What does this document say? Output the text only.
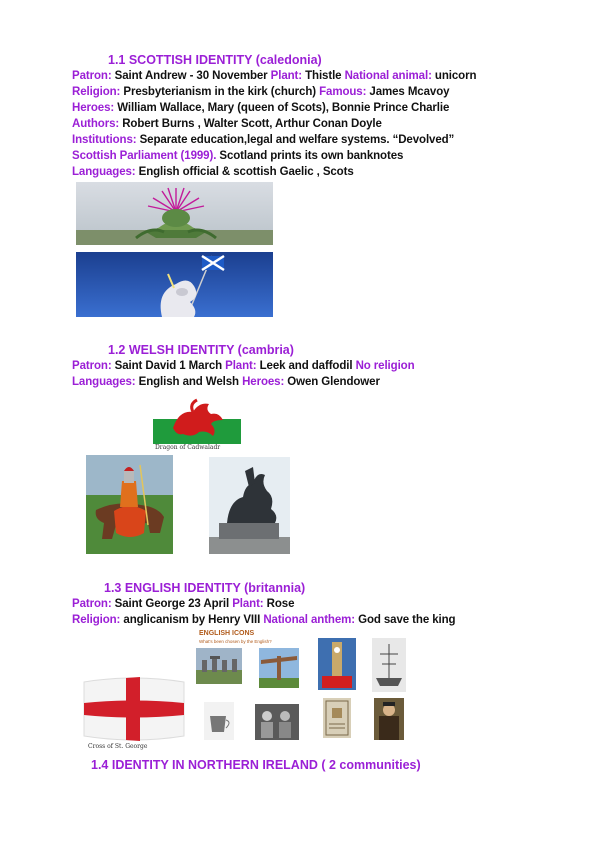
1.1 SCOTTISH IDENTITY (caledonia)
Patron: Saint Andrew - 30 November Plant: Thistle National animal: unicorn
Religion: Presbyterianism in the kirk (church) Famous: James Mcavoy
Heroes: William Wallace, Mary (queen of Scots), Bonnie Prince Charlie
Authors: Robert Burns , Walter Scott, Arthur Conan Doyle
Institutions: Separate education,legal and welfare systems. “Devolved”
Scottish Parliament (1999). Scotland prints its own banknotes
Languages: English official & scottish Gaelic , Scots
1.2 WELSH IDENTITY (cambria)
Patron: Saint David 1 March Plant: Leek and daffodil No religion
Languages: English and Welsh Heroes: Owen Glendower
Dragon of Cadwaladr
1.3 ENGLISH IDENTITY (britannia)
Patron: Saint George 23 April Plant: Rose
Religion: anglicanism by Henry VIII National anthem: God save the king
Cross of St. George
ENGLISH ICONS
What's been chosen by the English?
1.4 IDENTITY IN NORTHERN IRELAND ( 2 communities)
